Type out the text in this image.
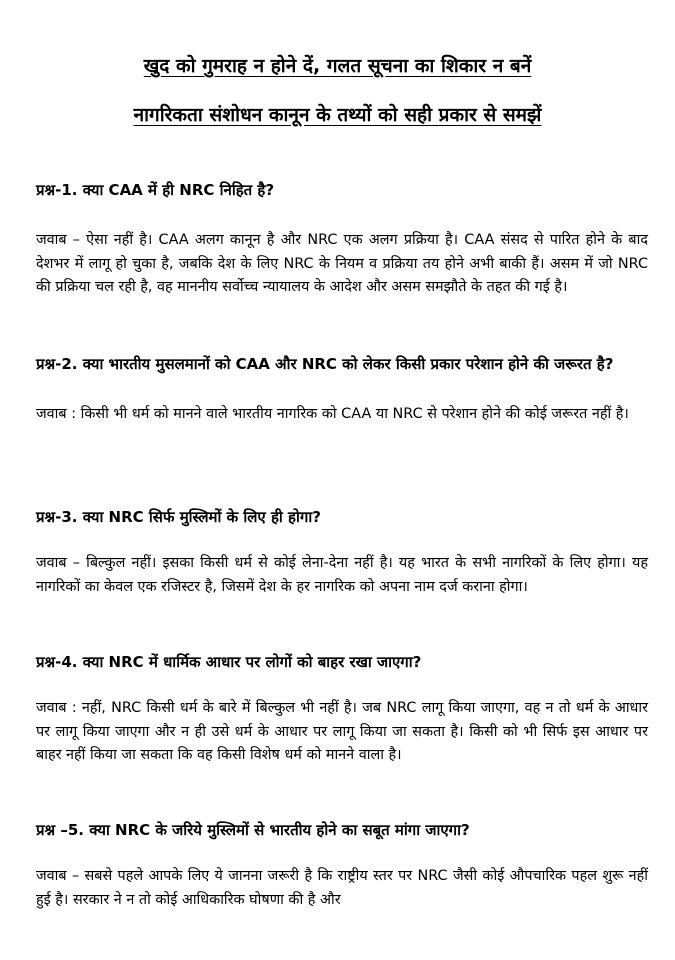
खुद को गुमराह न होने दें, गलत सूचना का शिकार न बनें
नागरिकता संशोधन कानून के तथ्यों को सही प्रकार से समझें

प्रश्न-1. क्या CAA में ही NRC निहित है?

जवाब – ऐसा नहीं है। CAA अलग कानून है और NRC एक अलग प्रक्रिया है। CAA संसद से पारित होने के बाद देशभर में लागू हो चुका है, जबकि देश के लिए NRC के नियम व प्रक्रिया तय होने अभी बाकी हैं। असम में जो NRC की प्रक्रिया चल रही है, वह माननीय सर्वोच्च न्यायालय के आदेश और असम समझौते के तहत की गई है।

प्रश्न-2. क्या भारतीय मुसलमानों को CAA और NRC को लेकर किसी प्रकार परेशान होने की जरूरत है?

जवाब : किसी भी धर्म को मानने वाले भारतीय नागरिक को CAA या NRC से परेशान होने की कोई जरूरत नहीं है।

प्रश्न-3. क्या NRC सिर्फ मुस्लिमों के लिए ही होगा?

जवाब – बिल्कुल नहीं। इसका किसी धर्म से कोई लेना-देना नहीं है। यह भारत के सभी नागरिकों के लिए होगा। यह नागरिकों का केवल एक रजिस्टर है, जिसमें देश के हर नागरिक को अपना नाम दर्ज कराना होगा।

प्रश्न-4. क्या NRC में धार्मिक आधार पर लोगों को बाहर रखा जाएगा?

जवाब : नहीं, NRC किसी धर्म के बारे में बिल्कुल भी नहीं है। जब NRC लागू किया जाएगा, वह न तो धर्म के आधार पर लागू किया जाएगा और न ही उसे धर्म के आधार पर लागू किया जा सकता है। किसी को भी सिर्फ इस आधार पर बाहर नहीं किया जा सकता कि वह किसी विशेष धर्म को मानने वाला है।

प्रश्न –5. क्या NRC के जरिये मुस्लिमों से भारतीय होने का सबूत मांगा जाएगा?

जवाब – सबसे पहले आपके लिए ये जानना जरूरी है कि राष्ट्रीय स्तर पर NRC जैसी कोई औपचारिक पहल शुरू नहीं हुई है। सरकार ने न तो कोई आधिकारिक घोषणा की है और
